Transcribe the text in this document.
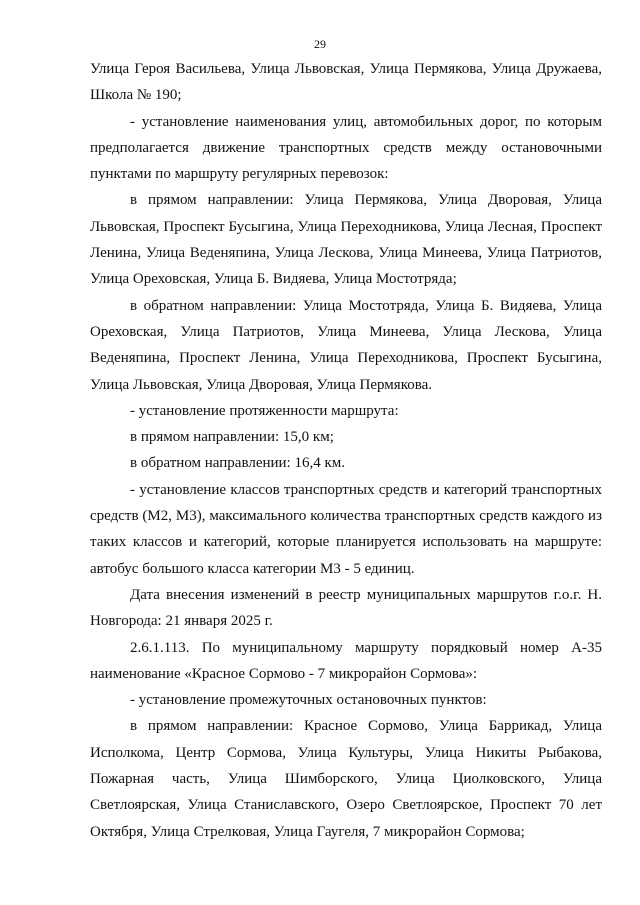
29

Улица Героя Васильева, Улица Львовская, Улица Пермякова, Улица Дружаева, Школа № 190;

- установление наименования улиц, автомобильных дорог, по которым предполагается движение транспортных средств между остановочными пунктами по маршруту регулярных перевозок:

в прямом направлении: Улица Пермякова, Улица Дворовая, Улица Львовская, Проспект Бусыгина, Улица Переходникова, Улица Лесная, Проспект Ленина, Улица Веденяпина, Улица Лескова, Улица Минеева, Улица Патриотов, Улица Ореховская, Улица Б. Видяева, Улица Мостотряда;

в обратном направлении: Улица Мостотряда, Улица Б. Видяева, Улица Ореховская, Улица Патриотов, Улица Минеева, Улица Лескова, Улица Веденяпина, Проспект Ленина, Улица Переходникова, Проспект Бусыгина, Улица Львовская, Улица Дворовая, Улица Пермякова.

- установление протяженности маршрута:

в прямом направлении: 15,0 км;

в обратном направлении: 16,4 км.

- установление классов транспортных средств и категорий транспортных средств (М2, М3), максимального количества транспортных средств каждого из таких классов и категорий, которые планируется использовать на маршруте: автобус большого класса категории М3 - 5 единиц.

Дата внесения изменений в реестр муниципальных маршрутов г.о.г. Н. Новгорода: 21 января 2025 г.

2.6.1.113. По муниципальному маршруту порядковый номер А-35 наименование «Красное Сормово - 7 микрорайон Сормова»:

- установление промежуточных остановочных пунктов:

в прямом направлении: Красное Сормово, Улица Баррикад, Улица Исполкома, Центр Сормова, Улица Культуры, Улица Никиты Рыбакова, Пожарная часть, Улица Шимборского, Улица Циолковского, Улица Светлоярская, Улица Станиславского, Озеро Светлоярское, Проспект 70 лет Октября, Улица Стрелковая, Улица Гаугеля, 7 микрорайон Сормова;
